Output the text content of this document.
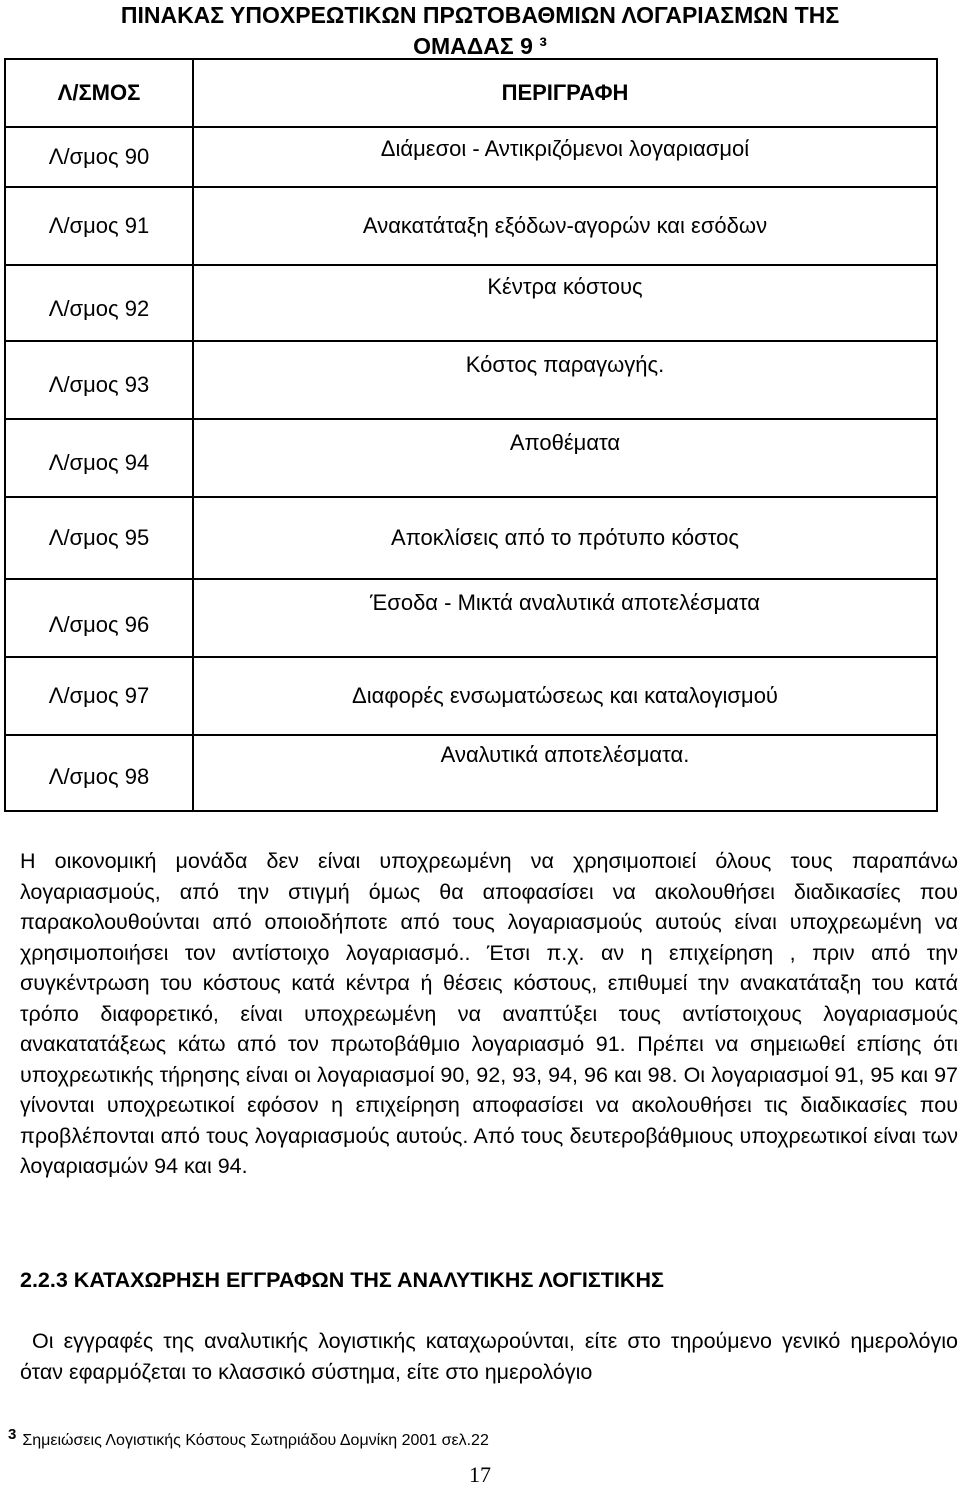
ΠΙΝΑΚΑΣ ΥΠΟΧΡΕΩΤΙΚΩΝ ΠΡΩΤΟΒΑΘΜΙΩΝ ΛΟΓΑΡΙΑΣΜΩΝ ΤΗΣ
ΟΜΑΔΑΣ 9 ³
Λ/ΣΜΟΣ	ΠΕΡΙΓΡΑΦΗ
Λ/σμος 90	Διάμεσοι - Αντικριζόμενοι λογαριασμοί
Λ/σμος 91	Ανακατάταξη εξόδων-αγορών και εσόδων
Λ/σμος 92	Κέντρα κόστους
Λ/σμος 93	Κόστος παραγωγής.
Λ/σμος 94	Αποθέματα
Λ/σμος 95	Αποκλίσεις από το πρότυπο κόστος
Λ/σμος 96	Έσοδα - Μικτά αναλυτικά αποτελέσματα
Λ/σμος 97	Διαφορές ενσωματώσεως και καταλογισμού
Λ/σμος 98	Αναλυτικά αποτελέσματα.
Η οικονομική μονάδα δεν είναι υποχρεωμένη να χρησιμοποιεί όλους τους παραπάνω λογαριασμούς, από την στιγμή όμως θα αποφασίσει να ακολουθήσει διαδικασίες που παρακολουθούνται από οποιοδήποτε από τους λογαριασμούς αυτούς είναι υποχρεωμένη να χρησιμοποιήσει τον αντίστοιχο λογαριασμό.. Έτσι π.χ. αν η επιχείρηση , πριν από την συγκέντρωση του κόστους κατά κέντρα ή θέσεις κόστους, επιθυμεί την ανακατάταξη του κατά τρόπο διαφορετικό, είναι υποχρεωμένη να αναπτύξει τους αντίστοιχους λογαριασμούς ανακατατάξεως κάτω από τον πρωτοβάθμιο λογαριασμό 91. Πρέπει να σημειωθεί επίσης ότι υποχρεωτικής τήρησης είναι οι λογαριασμοί 90, 92, 93, 94, 96 και 98. Οι λογαριασμοί 91, 95 και 97 γίνονται υποχρεωτικοί εφόσον η επιχείρηση αποφασίσει να ακολουθήσει τις διαδικασίες που προβλέπονται από τους λογαριασμούς αυτούς. Από τους δευτεροβάθμιους υποχρεωτικοί είναι των λογαριασμών 94 και 94.
2.2.3 ΚΑΤΑΧΩΡΗΣΗ ΕΓΓΡΑΦΩΝ ΤΗΣ ΑΝΑΛΥΤΙΚΗΣ ΛΟΓΙΣΤΙΚΗΣ
Οι εγγραφές της αναλυτικής λογιστικής καταχωρούνται, είτε στο τηρούμενο γενικό ημερολόγιο όταν εφαρμόζεται το κλασσικό σύστημα, είτε στο ημερολόγιο
$^3$ Σημειώσεις Λογιστικής Κόστους Σωτηριάδου Δομνίκη 2001 σελ.22
17
